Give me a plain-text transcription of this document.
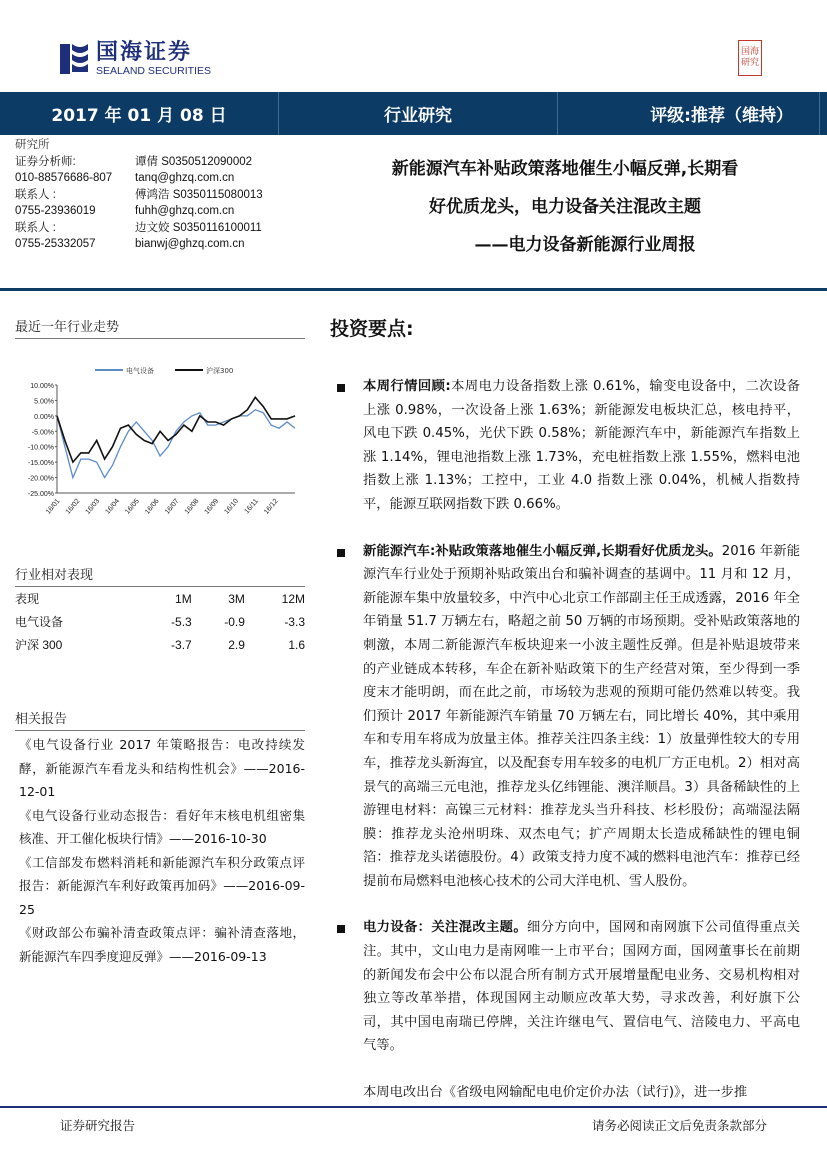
国海证券
SEALAND SECURITIES
国海研究
2017 年 01 月 08 日	行业研究	评级:推荐（维持）
研究所
证券分析师:	谭倩 S0350512090002
010-88576686-807	tanq@ghzq.com.cn
联系人 :	傅鸿浩 S0350115080013
0755-23936019	fuhh@ghzq.com.cn
联系人 :	边文姣 S0350116100011
0755-25332057	bianwj@ghzq.com.cn
新能源汽车补贴政策落地催生小幅反弹,长期看
好优质龙头，电力设备关注混改主题
——电力设备新能源行业周报
最近一年行业走势
电气设备	沪深300
10.00%
5.00%
0.00%
-5.00%
-10.00%
-15.00%
-20.00%
-25.00%
16/01 16/02 16/03 16/04 16/05 16/06 16/07 16/08 16/09 16/10 16/11 16/12
行业相对表现
表现	1M	3M	12M
电气设备	-5.3	-0.9	-3.3
沪深 300	-3.7	2.9	1.6
相关报告
《电气设备行业 2017 年策略报告：电改持续发酵，新能源汽车看龙头和结构性机会》——2016-12-01
《电气设备行业动态报告：看好年末核电机组密集核准、开工催化板块行情》——2016-10-30
《工信部发布燃料消耗和新能源汽车积分政策点评报告：新能源汽车利好政策再加码》——2016-09-25
《财政部公布骗补清查政策点评：骗补清查落地，新能源汽车四季度迎反弹》——2016-09-13
投资要点:
本周行情回顾:本周电力设备指数上涨 0.61%，输变电设备中，二次设备上涨 0.98%，一次设备上涨 1.63%；新能源发电板块汇总，核电持平，风电下跌 0.45%，光伏下跌 0.58%；新能源汽车中，新能源汽车指数上涨 1.14%，锂电池指数上涨 1.73%，充电桩指数上涨 1.55%，燃料电池指数上涨 1.13%；工控中，工业 4.0 指数上涨 0.04%，机械人指数持平，能源互联网指数下跌 0.66%。
新能源汽车:补贴政策落地催生小幅反弹,长期看好优质龙头。2016 年新能源汽车行业处于预期补贴政策出台和骗补调查的基调中。11 月和 12 月，新能源车集中放量较多，中汽中心北京工作部副主任王成透露，2016 年全年销量 51.7 万辆左右，略超之前 50 万辆的市场预期。受补贴政策落地的刺激，本周二新能源汽车板块迎来一小波主题性反弹。但是补贴退坡带来的产业链成本转移，车企在新补贴政策下的生产经营对策，至少得到一季度末才能明朗，而在此之前，市场较为悲观的预期可能仍然难以转变。我们预计 2017 年新能源汽车销量 70 万辆左右，同比增长 40%，其中乘用车和专用车将成为放量主体。推荐关注四条主线：1）放量弹性较大的专用车，推荐龙头新海宜，以及配套专用车较多的电机厂方正电机。2）相对高景气的高端三元电池，推荐龙头亿纬锂能、澳洋顺昌。3）具备稀缺性的上游锂电材料：高镍三元材料：推荐龙头当升科技、杉杉股份；高端湿法隔膜：推荐龙头沧州明珠、双杰电气；扩产周期太长造成稀缺性的锂电铜箔：推荐龙头诺德股份。4）政策支持力度不减的燃料电池汽车：推荐已经提前布局燃料电池核心技术的公司大洋电机、雪人股份。
电力设备：关注混改主题。细分方向中，国网和南网旗下公司值得重点关注。其中，文山电力是南网唯一上市平台；国网方面，国网董事长在前期的新闻发布会中公布以混合所有制方式开展增量配电业务、交易机构相对独立等改革举措，体现国网主动顺应改革大势，寻求改善，利好旗下公司，其中国电南瑞已停牌，关注许继电气、置信电气、涪陵电力、平高电气等。
本周电改出台《省级电网输配电电价定价办法（试行)》，进一步推
证券研究报告	请务必阅读正文后免责条款部分
